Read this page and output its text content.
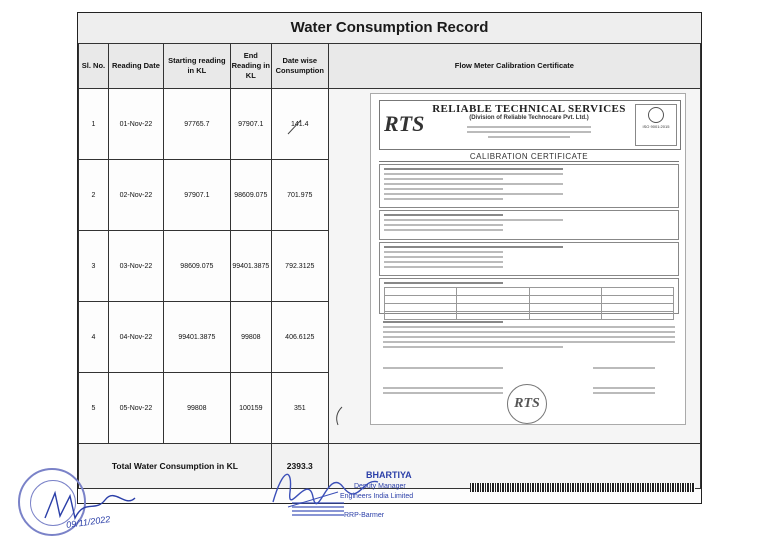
Water Consumption Record
Sl. No.	Reading Date	Starting reading in KL	End Reading in KL	Date wise Consumption	Flow Meter Calibration Certificate
1	01-Nov-22	97765.7	97907.1	141.4	
2	02-Nov-22	97907.1	98609.075	701.975	
3	03-Nov-22	98609.075	99401.3875	792.3125	
4	04-Nov-22	99401.3875	99808	406.6125	
5	05-Nov-22	99808	100159	351	
Total Water Consumption in KL				2393.3	
RTS
RELIABLE TECHNICAL SERVICES
(Division of Reliable Technocare Pvt. Ltd.)
ISO 9001:2015
CALIBRATION CERTIFICATE

RTS
BHARTIYA
Deputy Manager
Engineers India Limited
RRP-Barmer
09/11/2022
